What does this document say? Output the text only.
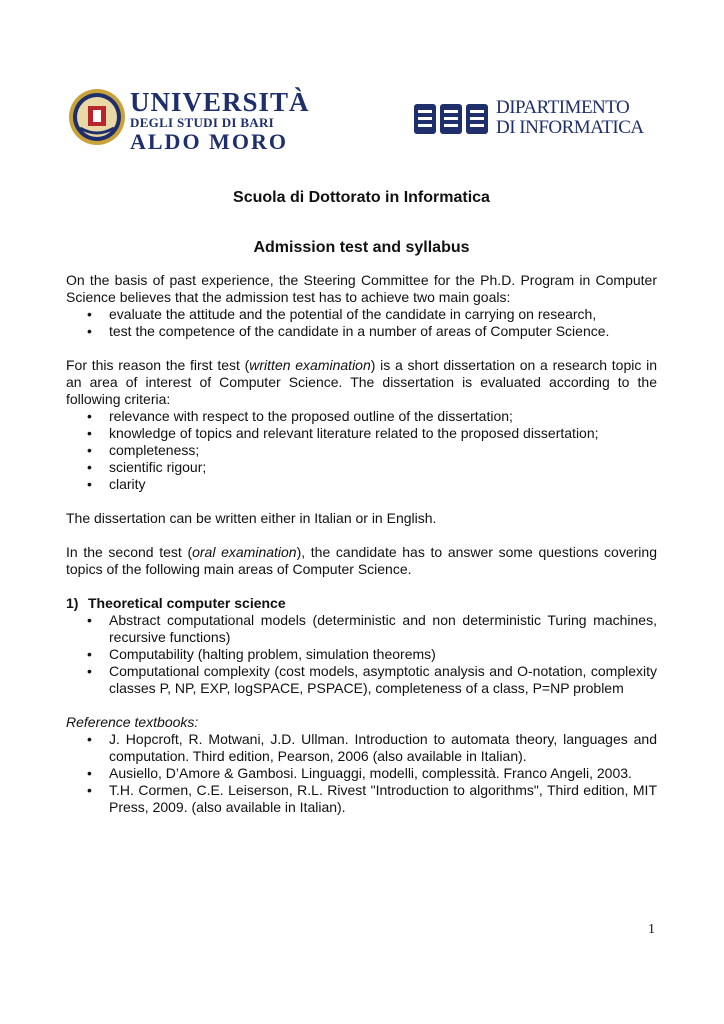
UNIVERSITÀ
DEGLI STUDI DI BARI
ALDO MORO
DIPARTIMENTO
DI INFORMATICA
Scuola di Dottorato in Informatica
Admission test and syllabus

On the basis of past experience, the Steering Committee for the Ph.D. Program in Computer Science believes that the admission test has to achieve two main goals:

• evaluate the attitude and the potential of the candidate in carrying on research,
• test the competence of the candidate in a number of areas of Computer Science.

For this reason the first test (written examination) is a short dissertation on a research topic in an area of interest of Computer Science. The dissertation is evaluated according to the following criteria:

• relevance with respect to the proposed outline of the dissertation;
• knowledge of topics and relevant literature related to the proposed dissertation;
• completeness;
• scientific rigour;
• clarity

The dissertation can be written either in Italian or in English.

In the second test (oral examination), the candidate has to answer some questions covering topics of the following main areas of Computer Science.

1) Theoretical computer science
• Abstract computational models (deterministic and non deterministic Turing machines, recursive functions)
• Computability (halting problem, simulation theorems)
• Computational complexity (cost models, asymptotic analysis and O-notation, complexity classes P, NP, EXP, logSPACE, PSPACE), completeness of a class, P=NP problem
Reference textbooks:
• J. Hopcroft, R. Motwani, J.D. Ullman. Introduction to automata theory, languages and computation. Third edition, Pearson, 2006 (also available in Italian).
• Ausiello, D’Amore & Gambosi. Linguaggi, modelli, complessità. Franco Angeli, 2003.
• T.H. Cormen, C.E. Leiserson, R.L. Rivest "Introduction to algorithms", Third edition, MIT Press, 2009. (also available in Italian).
1
